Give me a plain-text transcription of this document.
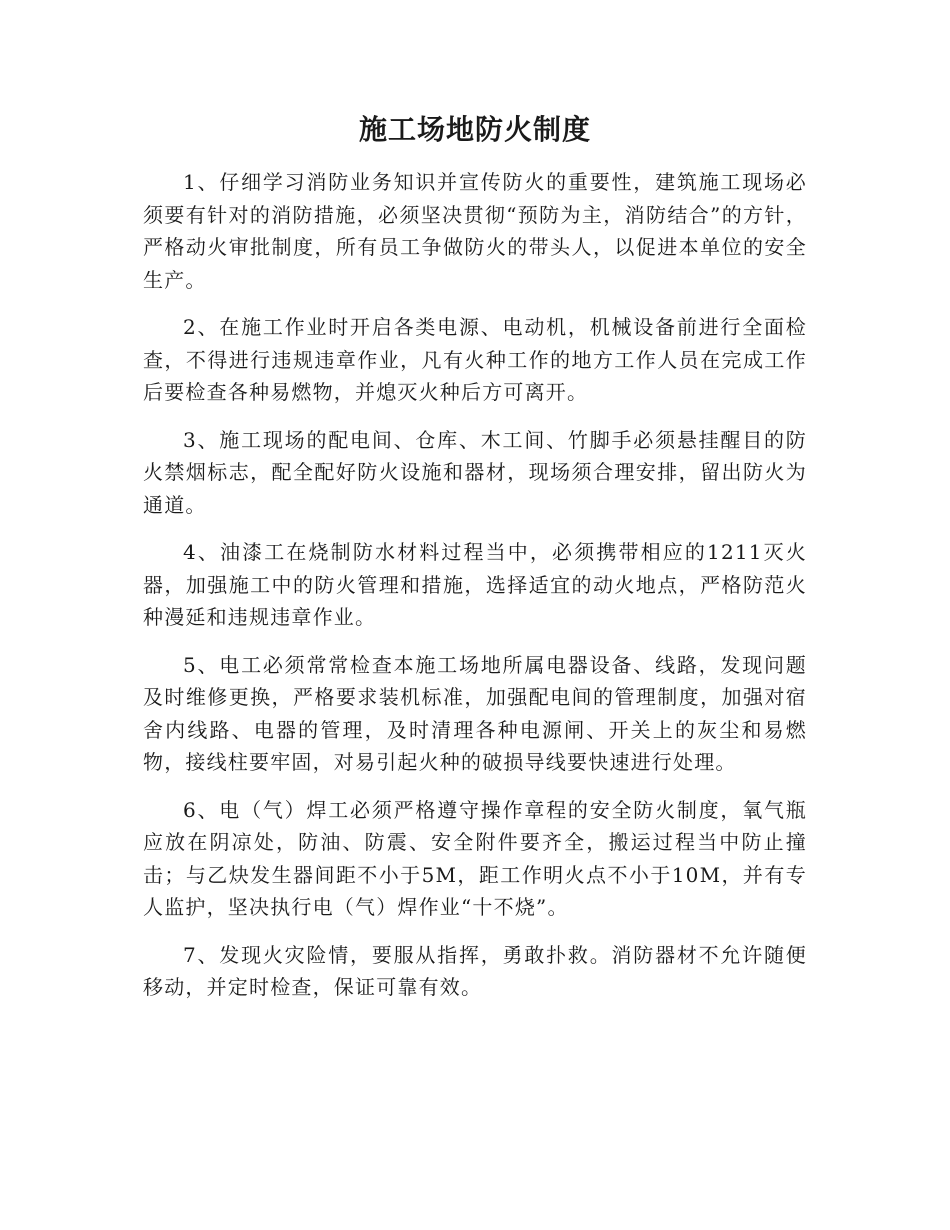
施工场地防火制度

1、仔细学习消防业务知识并宣传防火的重要性，建筑施工现场必须要有针对的消防措施，必须坚决贯彻“预防为主，消防结合”的方针，严格动火审批制度，所有员工争做防火的带头人，以促进本单位的安全生产。

2、在施工作业时开启各类电源、电动机，机械设备前进行全面检查，不得进行违规违章作业，凡有火种工作的地方工作人员在完成工作后要检查各种易燃物，并熄灭火种后方可离开。

3、施工现场的配电间、仓库、木工间、竹脚手必须悬挂醒目的防火禁烟标志，配全配好防火设施和器材，现场须合理安排，留出防火为通道。

4、油漆工在烧制防水材料过程当中，必须携带相应的1211灭火器，加强施工中的防火管理和措施，选择适宜的动火地点，严格防范火种漫延和违规违章作业。

5、电工必须常常检查本施工场地所属电器设备、线路，发现问题及时维修更换，严格要求装机标准，加强配电间的管理制度，加强对宿舍内线路、电器的管理，及时清理各种电源闸、开关上的灰尘和易燃物，接线柱要牢固，对易引起火种的破损导线要快速进行处理。

6、电（气）焊工必须严格遵守操作章程的安全防火制度，氧气瓶应放在阴凉处，防油、防震、安全附件要齐全，搬运过程当中防止撞击；与乙炔发生器间距不小于5M，距工作明火点不小于10M，并有专人监护，坚决执行电（气）焊作业“十不烧”。

7、发现火灾险情，要服从指挥，勇敢扑救。消防器材不允许随便移动，并定时检查，保证可靠有效。
